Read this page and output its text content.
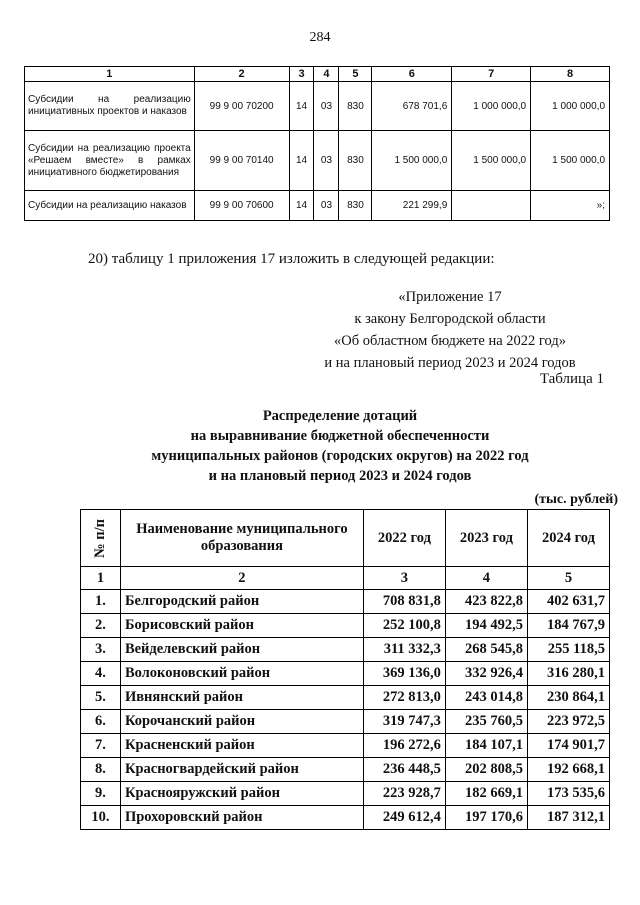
284
1	2	3	4	5	6	7	8
Субсидии на реализацию инициативных проектов и наказов	99 9 00 70200	14	03	830	678 701,6	1 000 000,0	1 000 000,0
Субсидии на реализацию проекта «Решаем вместе» в рамках инициативного бюджетирования	99 9 00 70140	14	03	830	1 500 000,0	1 500 000,0	1 500 000,0
Субсидии на реализацию наказов	99 9 00 70600	14	03	830	221 299,9		»;
20) таблицу 1 приложения 17 изложить в следующей редакции:
«Приложение 17
к закону Белгородской области
«Об областном бюджете на 2022 год»
и на плановый период 2023 и 2024 годов
Таблица 1
Распределение дотаций
на выравнивание бюджетной обеспеченности
муниципальных районов (городских округов) на 2022 год
и на плановый период 2023 и 2024 годов
(тыс. рублей)
№ п/п	Наименование муниципального образования	2022 год	2023 год	2024 год
1	2	3	4	5
1.	Белгородский район	708 831,8	423 822,8	402 631,7
2.	Борисовский район	252 100,8	194 492,5	184 767,9
3.	Вейделевский район	311 332,3	268 545,8	255 118,5
4.	Волоконовский район	369 136,0	332 926,4	316 280,1
5.	Ивнянский район	272 813,0	243 014,8	230 864,1
6.	Корочанский район	319 747,3	235 760,5	223 972,5
7.	Красненский район	196 272,6	184 107,1	174 901,7
8.	Красногвардейский район	236 448,5	202 808,5	192 668,1
9.	Краснояружский район	223 928,7	182 669,1	173 535,6
10.	Прохоровский район	249 612,4	197 170,6	187 312,1
